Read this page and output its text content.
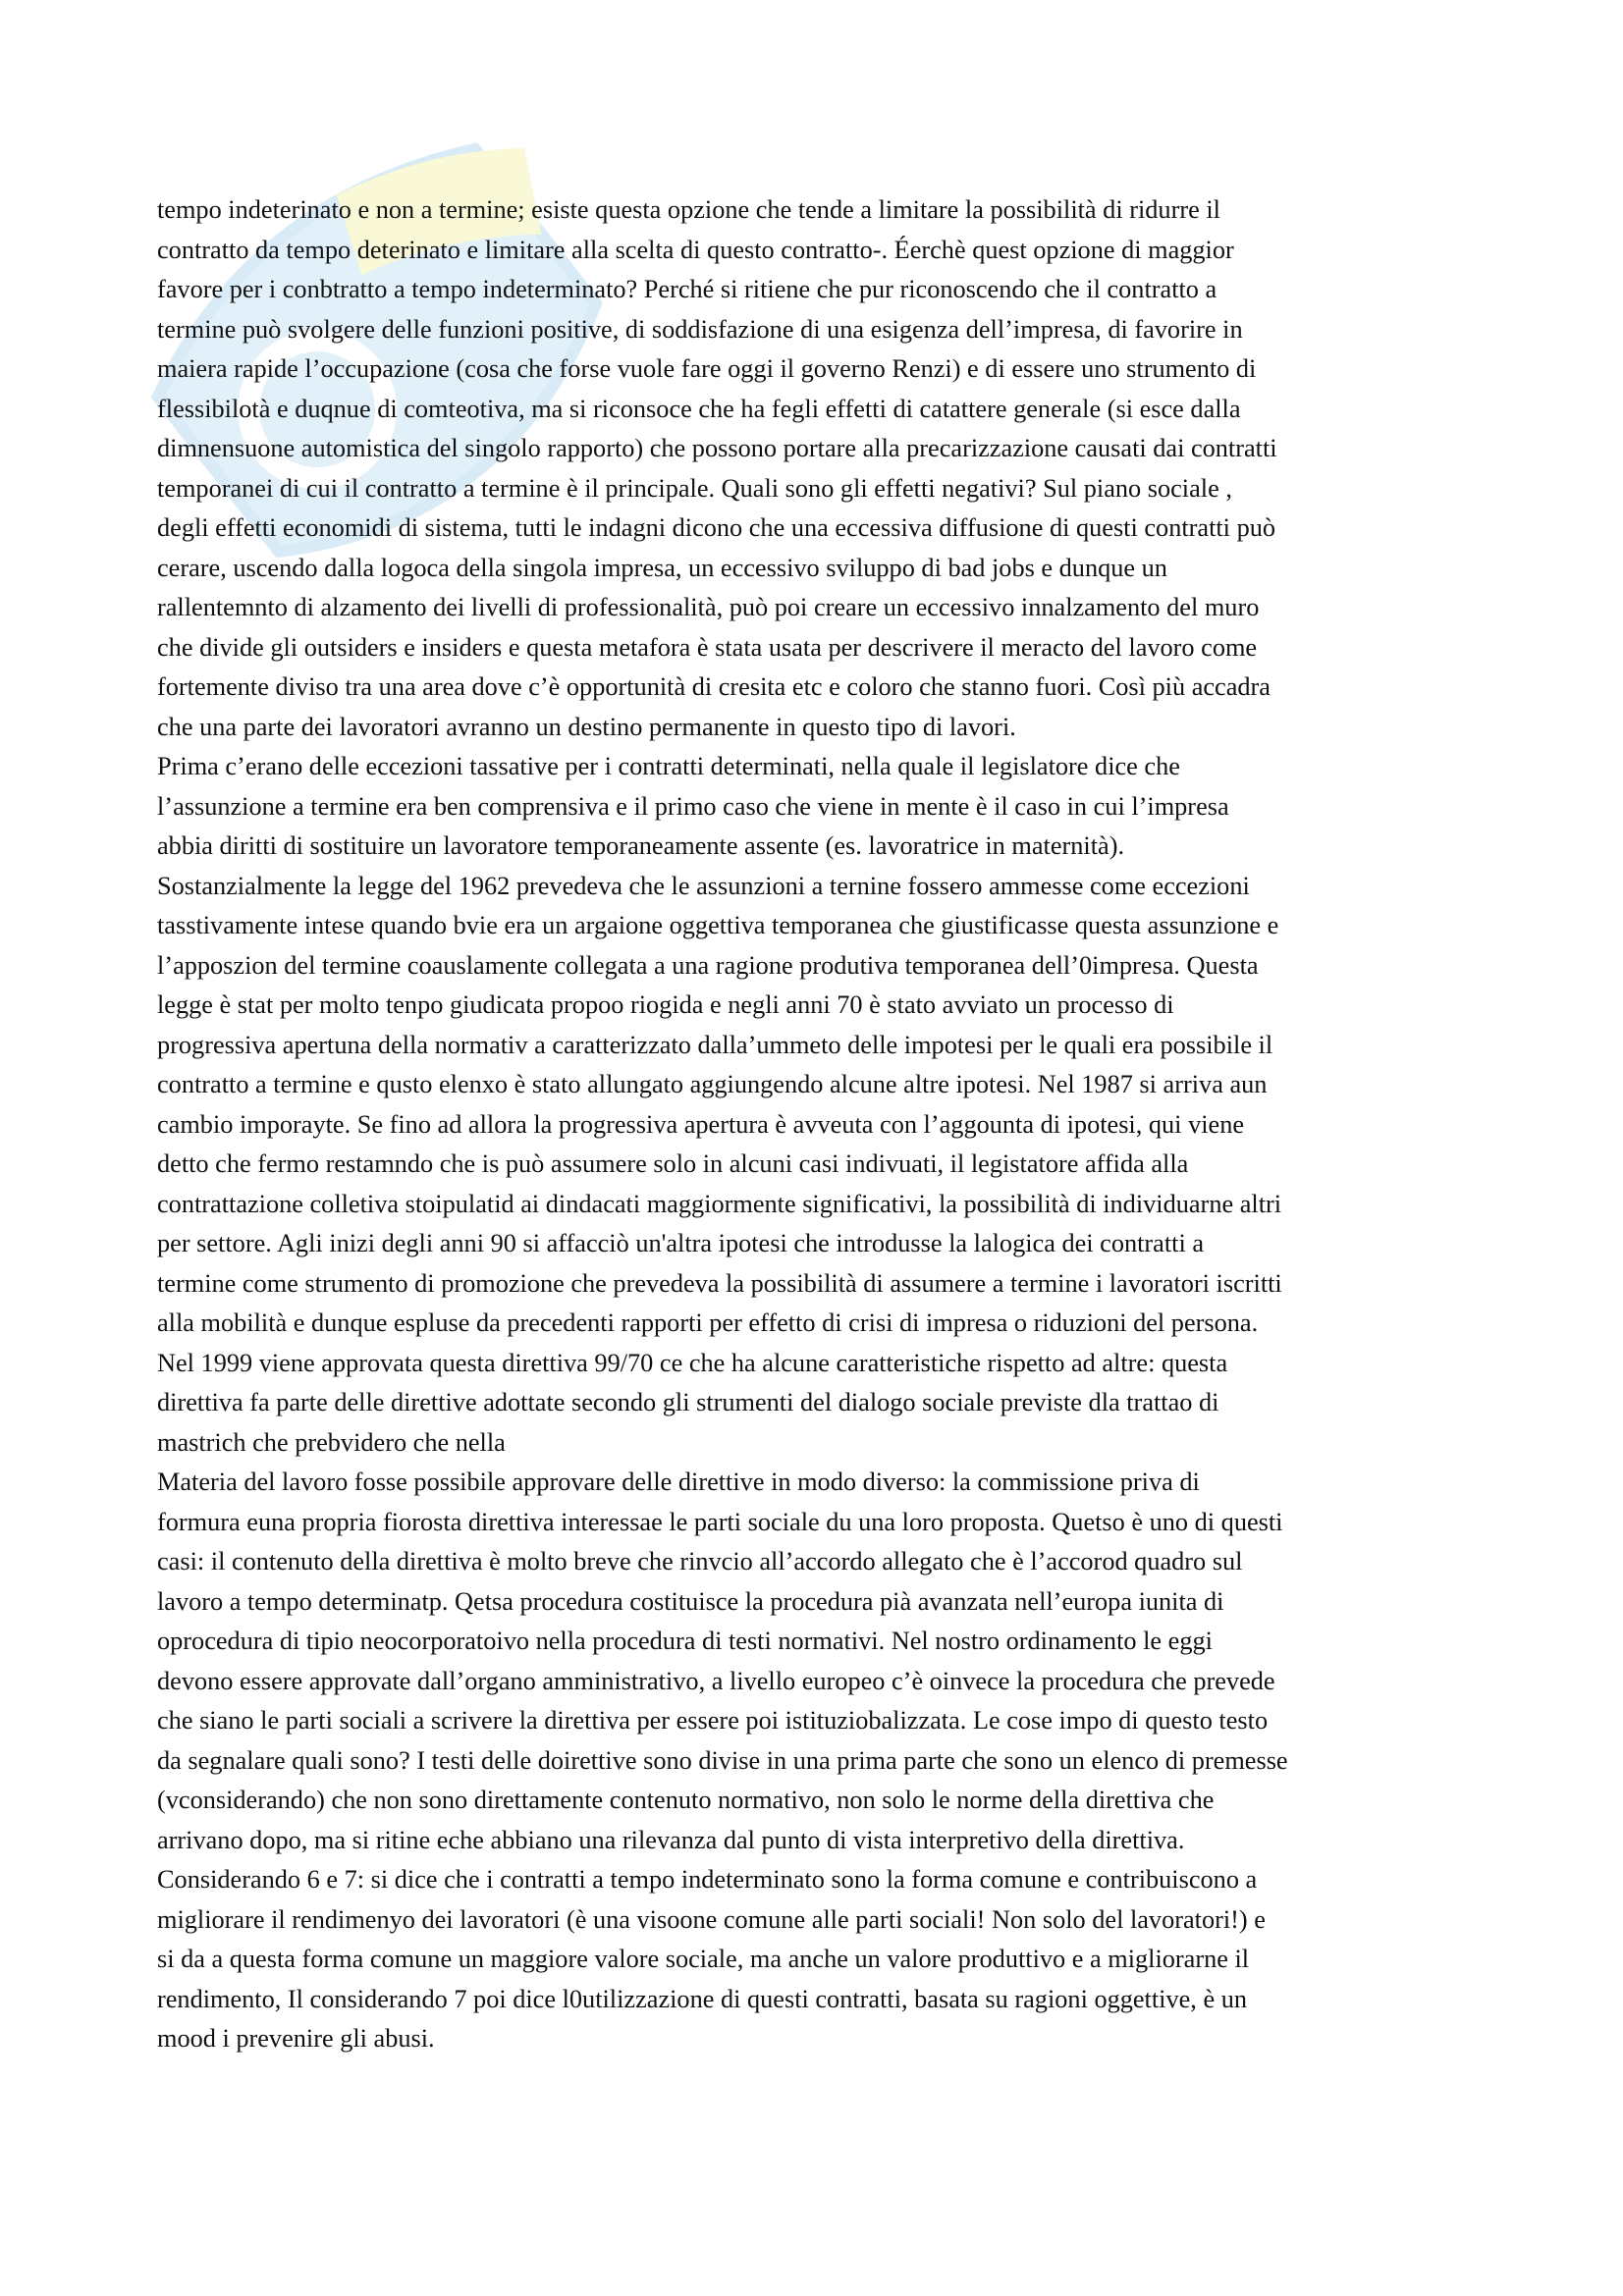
tempo indeterinato e non a termine; esiste questa opzione che tende a limitare la possibilità di ridurre il
contratto da tempo deterinato e limitare alla scelta di questo contratto-. Éerchè quest opzione di maggior
favore per i conbtratto a tempo indeterminato? Perché si ritiene che pur riconoscendo che il contratto a
termine può svolgere delle funzioni positive, di soddisfazione di una esigenza dell’impresa, di favorire in
maiera rapide l’occupazione (cosa che forse vuole fare oggi il governo Renzi) e di essere uno strumento di
flessibilotà e duqnue di comteotiva, ma si riconsoce che ha fegli effetti di catattere generale (si esce dalla
dimnensuone automistica del singolo rapporto) che possono portare alla precarizzazione causati dai contratti
temporanei di cui il contratto a termine è il principale. Quali sono gli effetti negativi? Sul piano sociale ,
degli effetti economidi di sistema, tutti le indagni dicono che una eccessiva diffusione di questi contratti può
cerare, uscendo dalla logoca della singola impresa, un eccessivo sviluppo di bad jobs e dunque un
rallentemnto di alzamento dei livelli di professionalità, può poi creare un eccessivo innalzamento del muro
che divide gli outsiders e insiders e questa metafora è stata usata per descrivere il meracto del lavoro come
fortemente diviso tra una area dove c’è opportunità di cresita etc e coloro che stanno fuori. Così più accadra
che una parte dei lavoratori avranno un destino permanente in questo tipo di lavori.
Prima c’erano delle eccezioni tassative per i contratti determinati, nella quale il legislatore dice che
l’assunzione a termine era ben comprensiva e il primo caso che viene in mente è il caso in cui l’impresa
abbia diritti di sostituire un lavoratore temporaneamente assente (es. lavoratrice in maternità).
Sostanzialmente la legge del 1962 prevedeva che le assunzioni a ternine fossero ammesse come eccezioni
tasstivamente intese quando bvie era un argaione oggettiva temporanea che giustificasse questa assunzione e
l’apposzion del termine coauslamente collegata a una ragione produtiva temporanea dell’0impresa. Questa
legge è stat per molto tenpo giudicata propoo riogida e negli anni 70 è stato avviato un processo di
progressiva apertuna della normativ a caratterizzato dalla’ummeto delle impotesi per le quali era possibile il
contratto a termine e qusto elenxo è stato allungato aggiungendo alcune altre ipotesi. Nel 1987 si arriva aun
cambio imporayte. Se fino ad allora la progressiva apertura è avveuta con l’aggounta di ipotesi, qui viene
detto che fermo restamndo che is può assumere solo in alcuni casi indivuati, il legistatore affida alla
contrattazione colletiva stoipulatid ai dindacati maggiormente significativi, la possibilità di individuarne altri
per settore. Agli inizi degli anni 90 si affacciò un'altra ipotesi che introdusse la lalogica dei contratti a
termine come strumento di promozione che prevedeva la possibilità di assumere a termine i lavoratori iscritti
alla mobilità e dunque espluse da precedenti rapporti per effetto di crisi di impresa o riduzioni del persona.
Nel 1999 viene approvata questa direttiva 99/70 ce che ha alcune caratteristiche rispetto ad altre: questa
direttiva fa parte delle direttive adottate secondo gli strumenti del dialogo sociale previste dla trattao di
mastrich che prebvidero che nella
Materia del lavoro fosse possibile approvare delle direttive in modo diverso: la commissione priva di
formura euna propria fiorosta direttiva interessae le parti sociale du una loro proposta. Quetso è uno di questi
casi: il contenuto della direttiva è molto breve che rinvcio all’accordo allegato che è l’accorod quadro sul
lavoro a tempo determinatp. Qetsa procedura costituisce la procedura pià avanzata nell’europa iunita di
oprocedura di tipio neocorporatoivo nella procedura di testi normativi. Nel nostro ordinamento le eggi
devono essere approvate dall’organo amministrativo, a livello europeo c’è oinvece la procedura che prevede
che siano le parti sociali a scrivere la direttiva per essere poi istituziobalizzata. Le cose impo di questo testo
da segnalare quali sono? I testi delle doirettive sono divise in una prima parte che sono un elenco di premesse
(vconsiderando) che non sono direttamente contenuto normativo, non solo le norme della direttiva che
arrivano dopo, ma si ritine eche abbiano una rilevanza dal punto di vista interpretivo della direttiva.
Considerando 6 e 7: si dice che i contratti a tempo indeterminato sono la forma comune e contribuiscono a
migliorare il rendimenyo dei lavoratori (è una visoone comune alle parti sociali! Non solo del lavoratori!) e
si da a questa forma comune un maggiore valore sociale, ma anche un valore produttivo e a migliorarne il
rendimento, Il considerando 7 poi dice l0utilizzazione di questi contratti, basata su ragioni oggettive, è un
mood i prevenire gli abusi.
